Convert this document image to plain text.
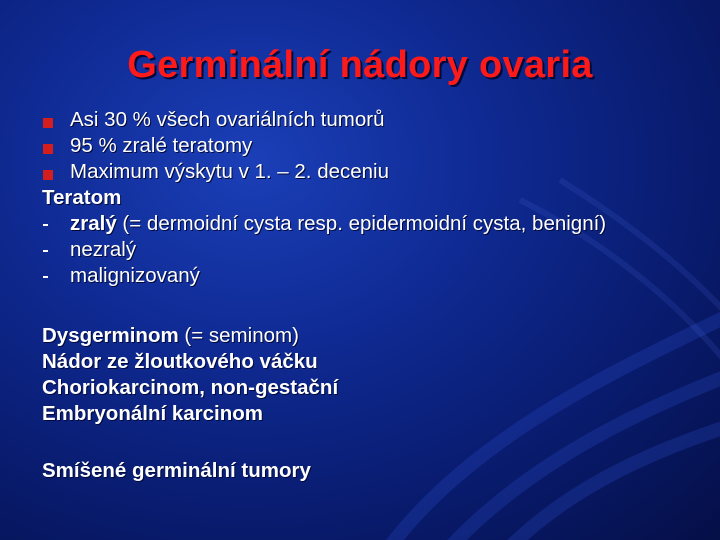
Germinální nádory ovaria
Asi 30 % všech ovariálních tumorů
95 % zralé teratomy
Maximum výskytu v 1. – 2. deceniu
Teratom
zralý (= dermoidní cysta resp. epidermoidní cysta, benigní)
nezralý
malignizovaný
Dysgerminom (= seminom)
Nádor ze žloutkového váčku
Choriokarcinom, non-gestační
Embryonální karcinom
Smíšené germinální tumory
